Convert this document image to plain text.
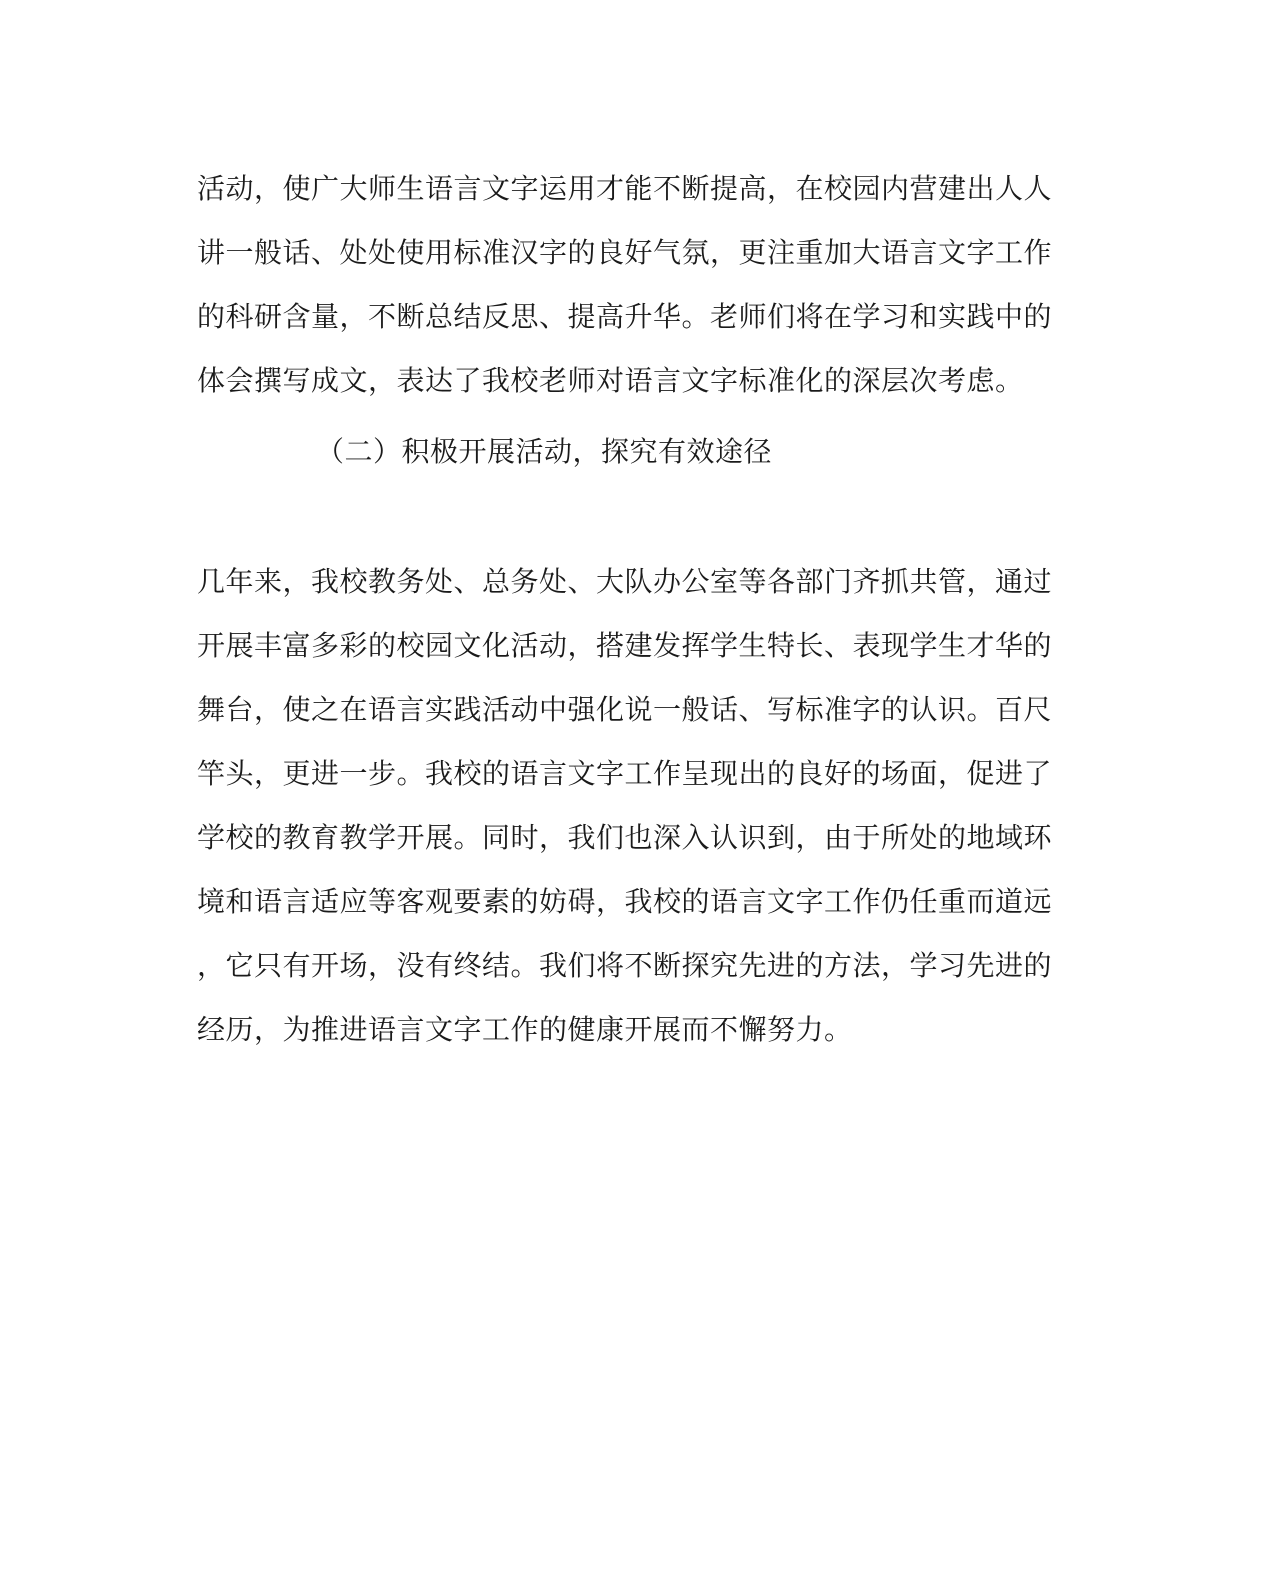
活动，使广大师生语言文字运用才能不断提高，在校园内营建出人人
讲一般话、处处使用标准汉字的良好气氛，更注重加大语言文字工作
的科研含量，不断总结反思、提高升华。老师们将在学习和实践中的
体会撰写成文，表达了我校老师对语言文字标准化的深层次考虑。
（二）积极开展活动，探究有效途径
几年来，我校教务处、总务处、大队办公室等各部门齐抓共管，通过
开展丰富多彩的校园文化活动，搭建发挥学生特长、表现学生才华的
舞台，使之在语言实践活动中强化说一般话、写标准字的认识。百尺
竿头，更进一步。我校的语言文字工作呈现出的良好的场面，促进了
学校的教育教学开展。同时，我们也深入认识到，由于所处的地域环
境和语言适应等客观要素的妨碍，我校的语言文字工作仍任重而道远
，它只有开场，没有终结。我们将不断探究先进的方法，学习先进的
经历，为推进语言文字工作的健康开展而不懈努力。
